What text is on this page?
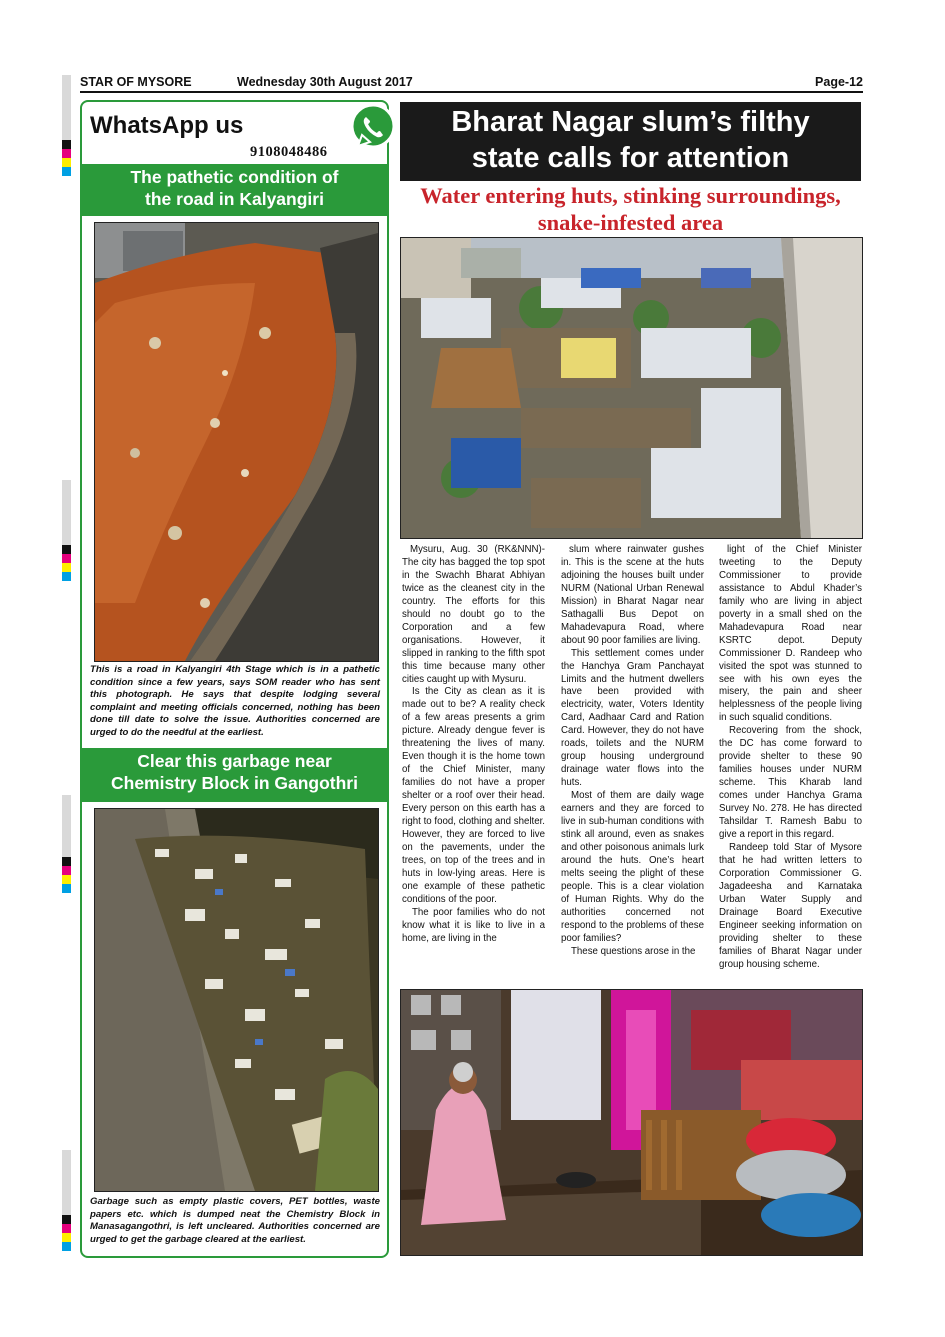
STAR OF MYSORE	Wednesday 30th August 2017	Page-12
WhatsApp us
9108048486
The pathetic condition of
the road in Kalyangiri
This is a road in Kalyangiri 4th Stage which is in a pathetic condition since a few years, says SOM reader who has sent this photograph. He says that despite lodging several complaint and meeting officials concerned, nothing has been done till date to solve the issue. Authorities concerned are urged to do the needful at the earliest.
Clear this garbage near
Chemistry Block in Gangothri
Garbage such as empty plastic covers, PET bottles, waste papers etc. which is dumped neat the Chemistry Block in Manasagangothri, is left uncleared. Authorities concerned are urged to get the garbage cleared at the earliest.
Bharat Nagar slum’s filthy
state calls for attention
Water entering huts, stinking surroundings,
snake-infested area

Mysuru, Aug. 30 (RK&NNN)- The city has bagged the top spot in the Swachh Bharat Abhiyan twice as the cleanest city in the country. The efforts for this should no doubt go to the Corporation and a few organisations. However, it slipped in ranking to the fifth spot this time because many other cities caught up with Mysuru.

Is the City as clean as it is made out to be? A reality check of a few areas presents a grim picture. Already dengue fever is threatening the lives of many. Even though it is the home town of the Chief Minister, many families do not have a proper shelter or a roof over their head. Every person on this earth has a right to food, clothing and shelter. However, they are forced to live on the pavements, under the trees, on top of the trees and in huts in low-lying areas. Here is one example of these pathetic conditions of the poor.

The poor families who do not know what it is like to live in a home, are living in the

slum where rainwater gushes in. This is the scene at the huts adjoining the houses built under NURM (National Urban Renewal Mission) in Bharat Nagar near Sathagalli Bus Depot on Mahadevapura Road, where about 90 poor families are living.

This settlement comes under the Hanchya Gram Panchayat Limits and the hutment dwellers have been provided with electricity, water, Voters Identity Card, Aadhaar Card and Ration Card. However, they do not have roads, toilets and the NURM group housing underground drainage water flows into the huts.

Most of them are daily wage earners and they are forced to live in sub-human conditions with stink all around, even as snakes and other poisonous animals lurk around the huts. One’s heart melts seeing the plight of these people. This is a clear violation of Human Rights. Why do the authorities concerned not respond to the problems of these poor families?

These questions arose in the

light of the Chief Minister tweeting to the Deputy Commissioner to provide assistance to Abdul Khader’s family who are living in abject poverty in a small shed on the Mahadevapura Road near KSRTC depot. Deputy Commissioner D. Randeep who visited the spot was stunned to see with his own eyes the misery, the pain and sheer helplessness of the people living in such squalid conditions.

Recovering from the shock, the DC has come forward to provide shelter to these 90 families houses under NURM scheme. This Kharab land comes under Hanchya Grama Survey No. 278. He has directed Tahsildar T. Ramesh Babu to give a report in this regard.

Randeep told Star of Mysore that he had written letters to Corporation Commissioner G. Jagadeesha and Karnataka Urban Water Supply and Drainage Board Executive Engineer seeking information on providing shelter to these families of Bharat Nagar under group housing scheme.
